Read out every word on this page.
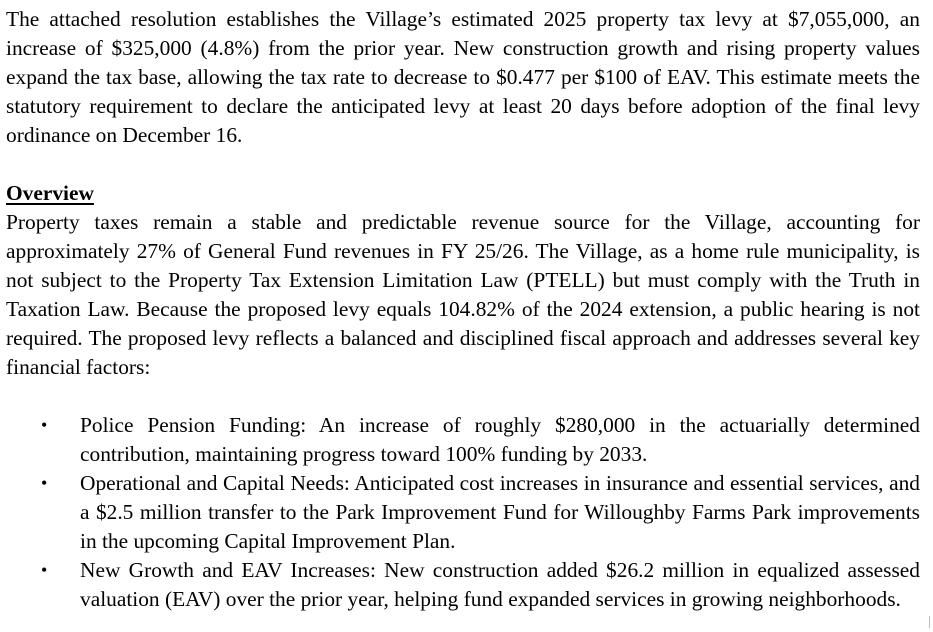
The attached resolution establishes the Village’s estimated 2025 property tax levy at $7,055,000, an increase of $325,000 (4.8%) from the prior year. New construction growth and rising property values expand the tax base, allowing the tax rate to decrease to $0.477 per $100 of EAV. This estimate meets the statutory requirement to declare the anticipated levy at least 20 days before adoption of the final levy ordinance on December 16.

Overview

Property taxes remain a stable and predictable revenue source for the Village, accounting for approximately 27% of General Fund revenues in FY 25/26. The Village, as a home rule municipality, is not subject to the Property Tax Extension Limitation Law (PTELL) but must comply with the Truth in Taxation Law. Because the proposed levy equals 104.82% of the 2024 extension, a public hearing is not required. The proposed levy reflects a balanced and disciplined fiscal approach and addresses several key financial factors:

• Police Pension Funding: An increase of roughly $280,000 in the actuarially determined contribution, maintaining progress toward 100% funding by 2033.
• Operational and Capital Needs: Anticipated cost increases in insurance and essential services, and a $2.5 million transfer to the Park Improvement Fund for Willoughby Farms Park improvements in the upcoming Capital Improvement Plan.
• New Growth and EAV Increases: New construction added $26.2 million in equalized assessed valuation (EAV) over the prior year, helping fund expanded services in growing neighborhoods.
